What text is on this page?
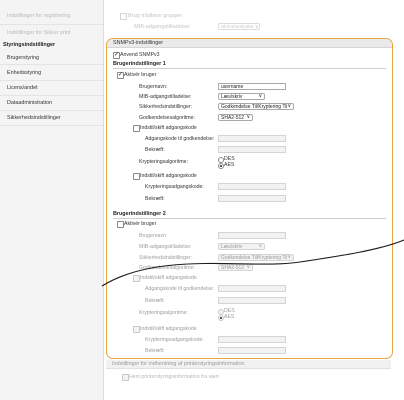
Indstillinger for registrering
Indstillinger for Sikker print
Styringsindstillinger
Brugerstyring
Enhedsstyring
Licens/andet
Dataadministration
Sikkerhedsindstillinger
Brug trådløse grupper
MIB-adgangstilladelse:	Skrivebeskyttet ∨
SNMPv3-indstillinger
✓
Anvend SNMPv3
Brugerindstillinger 1
✓
Aktivér bruger
Brugernavn:	username
MIB-adgangstilladelse:	Læs/skriv	∨
Sikkerhedsindstillinger:	Godkendelse Til/Kryptering Til ∨
Godkendelsesalgoritme:	SHA2-512 ∨
Indstil/skift adgangskode
Adgangskode til godkendelse:
Bekræft:
Krypteringsalgoritme:	DES
AES
Indstil/skift adgangskode
Krypteringsadgangskode:
Bekræft:
Brugerindstillinger 2
Aktivér bruger
Brugernavn:
MIB-adgangstilladelse:	Læs/skriv	∨
Sikkerhedsindstillinger:	Godkendelse Til/Kryptering Til ∨
Godkendelsesalgoritme:	SHA2-512 ∨
Indstil/skift adgangskode
Adgangskode til godkendelse:
Bekræft:
Krypteringsalgoritme:	DES
AES
Indstil/skift adgangskode
Krypteringsadgangskode:
Bekræft:
Indstillinger for indhentning af printerstyringsinformation
Hent printerstyringsinformation fra vært
